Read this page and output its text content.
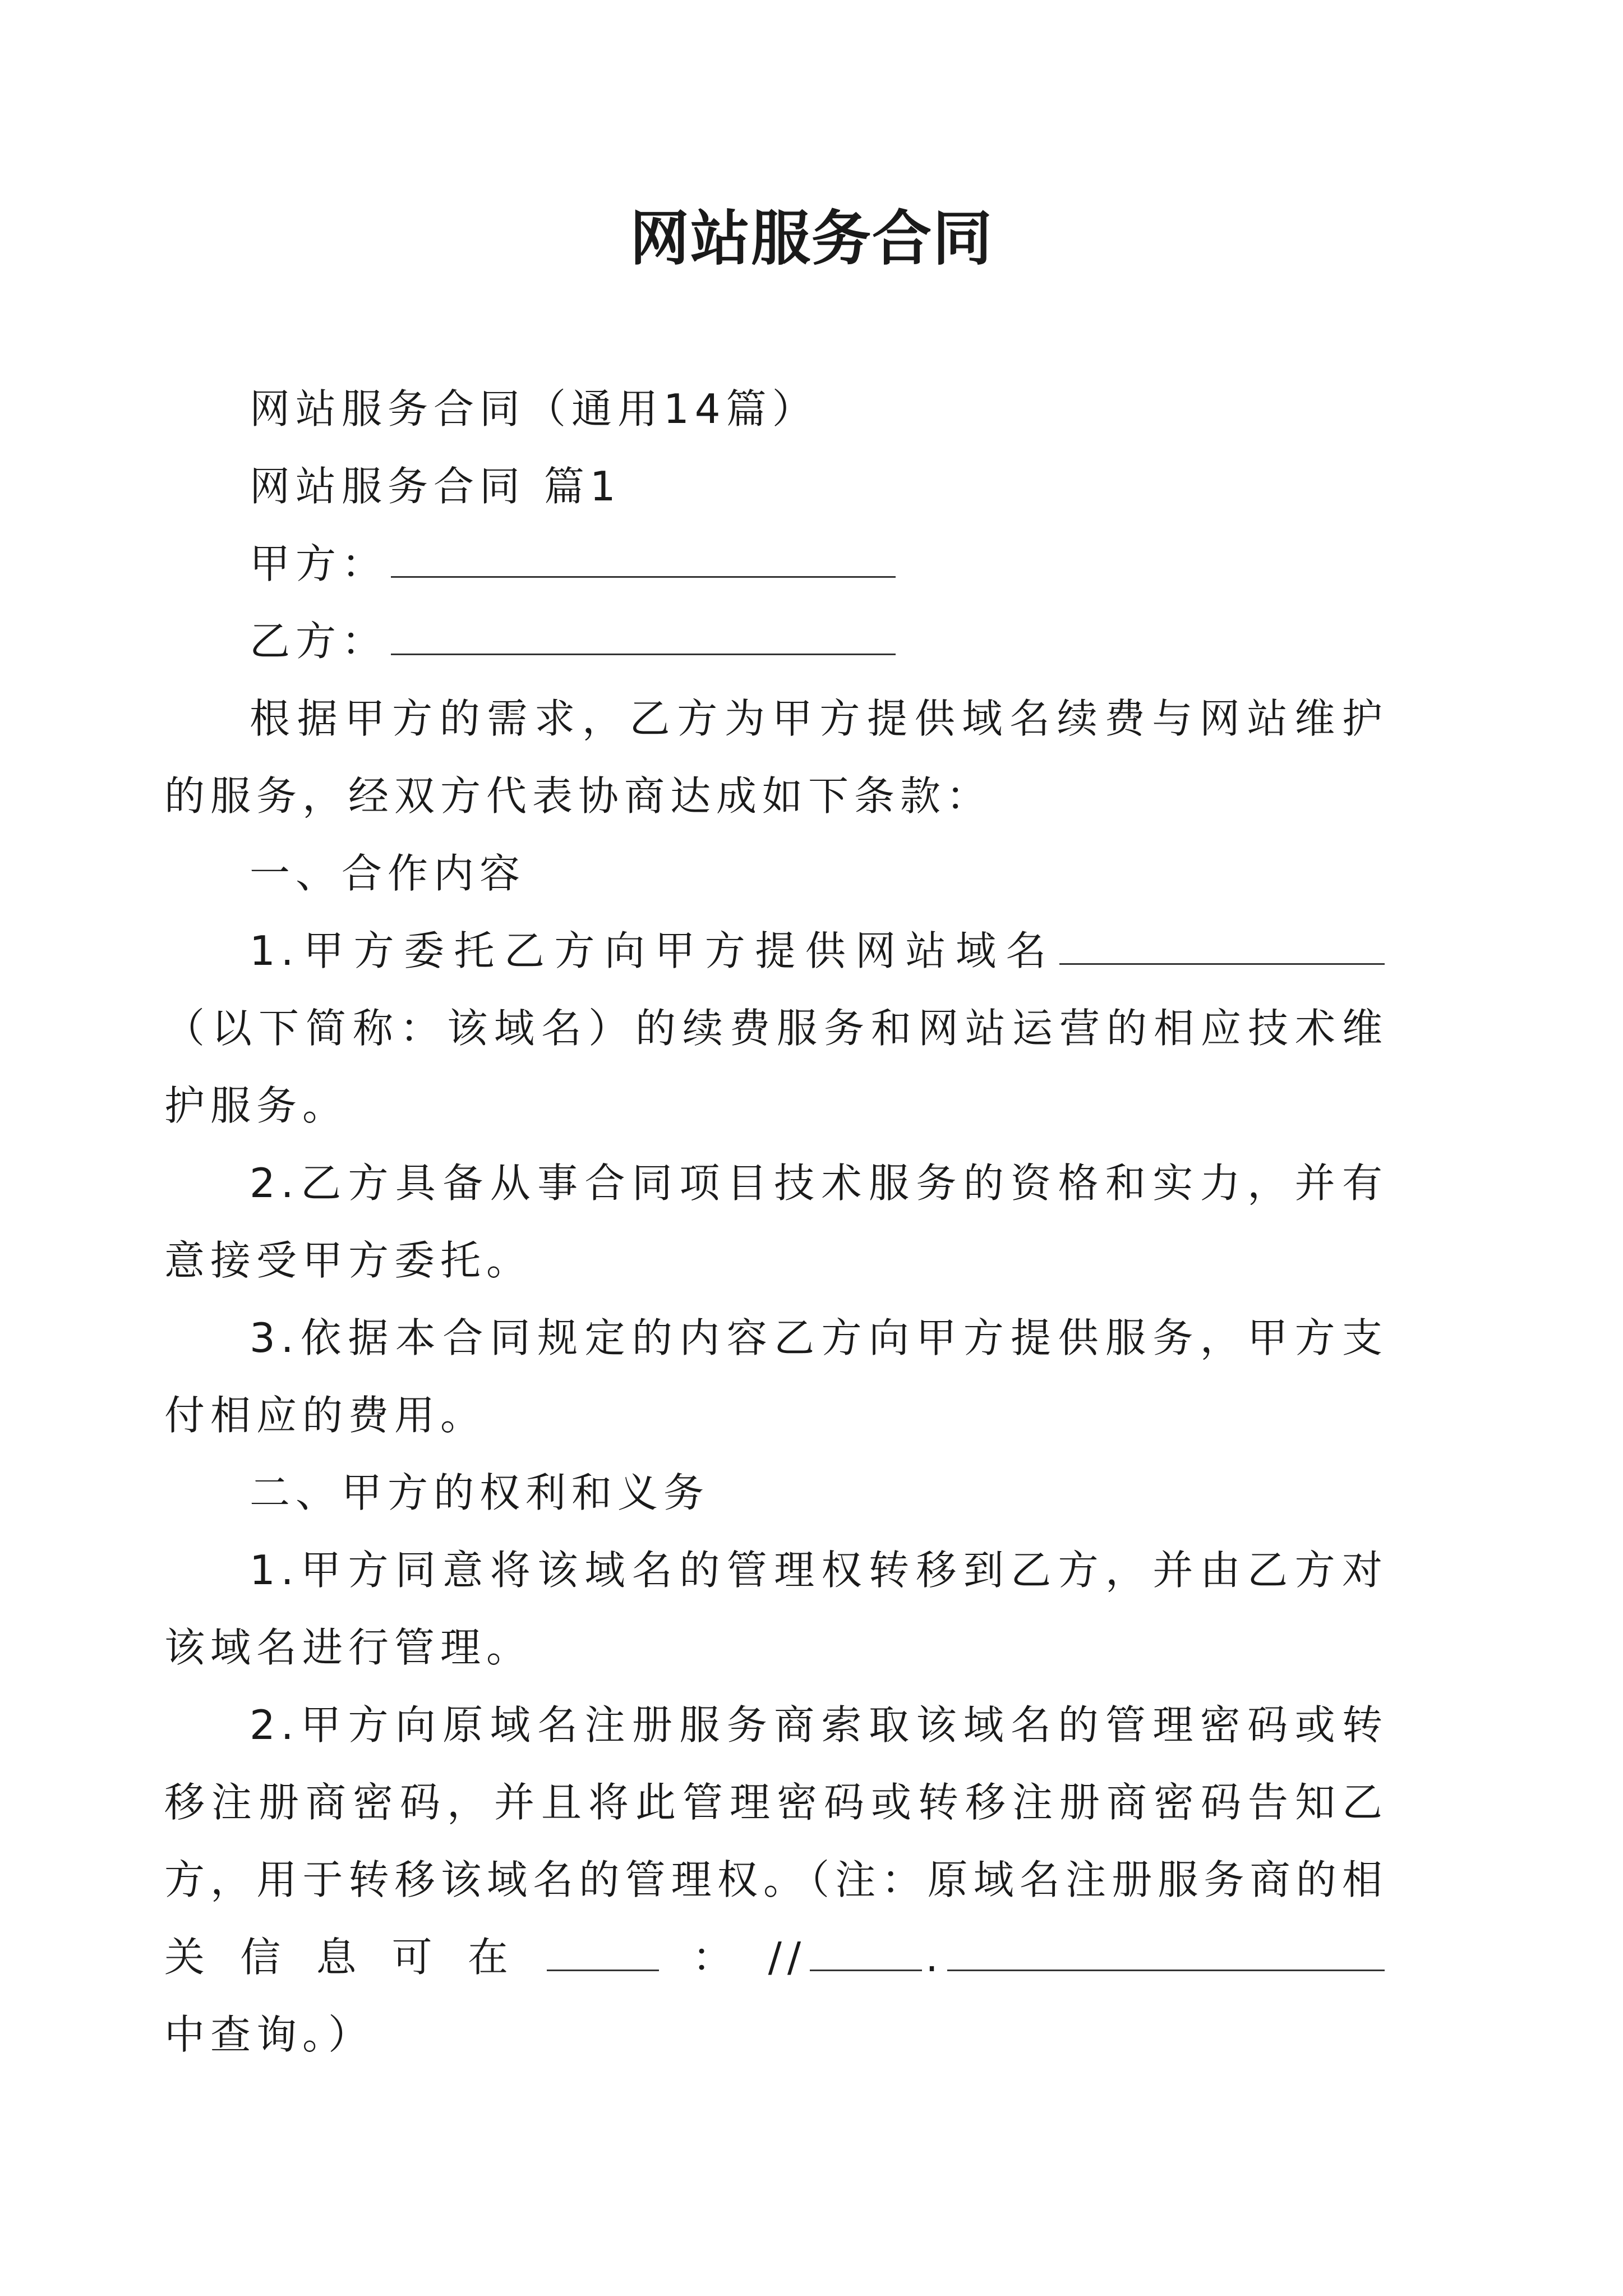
网站服务合同

网站服务合同（通用14篇）

网站服务合同 篇1

甲方：

乙方：

根据甲方的需求，乙方为甲方提供域名续费与网站维护的服务，经双方代表协商达成如下条款：

一、合作内容

1.甲方委托乙方向甲方提供网站域名（以下简称：该域名）的续费服务和网站运营的相应技术维护服务。

2.乙方具备从事合同项目技术服务的资格和实力，并有意接受甲方委托。

3.依据本合同规定的内容乙方向甲方提供服务，甲方支付相应的费用。

二、甲方的权利和义务

1.甲方同意将该域名的管理权转移到乙方，并由乙方对该域名进行管理。

2.甲方向原域名注册服务商索取该域名的管理密码或转移注册商密码，并且将此管理密码或转移注册商密码告知乙方，用于转移该域名的管理权。（注：原域名注册服务商的相关信息可在	：//	.中查询。）
